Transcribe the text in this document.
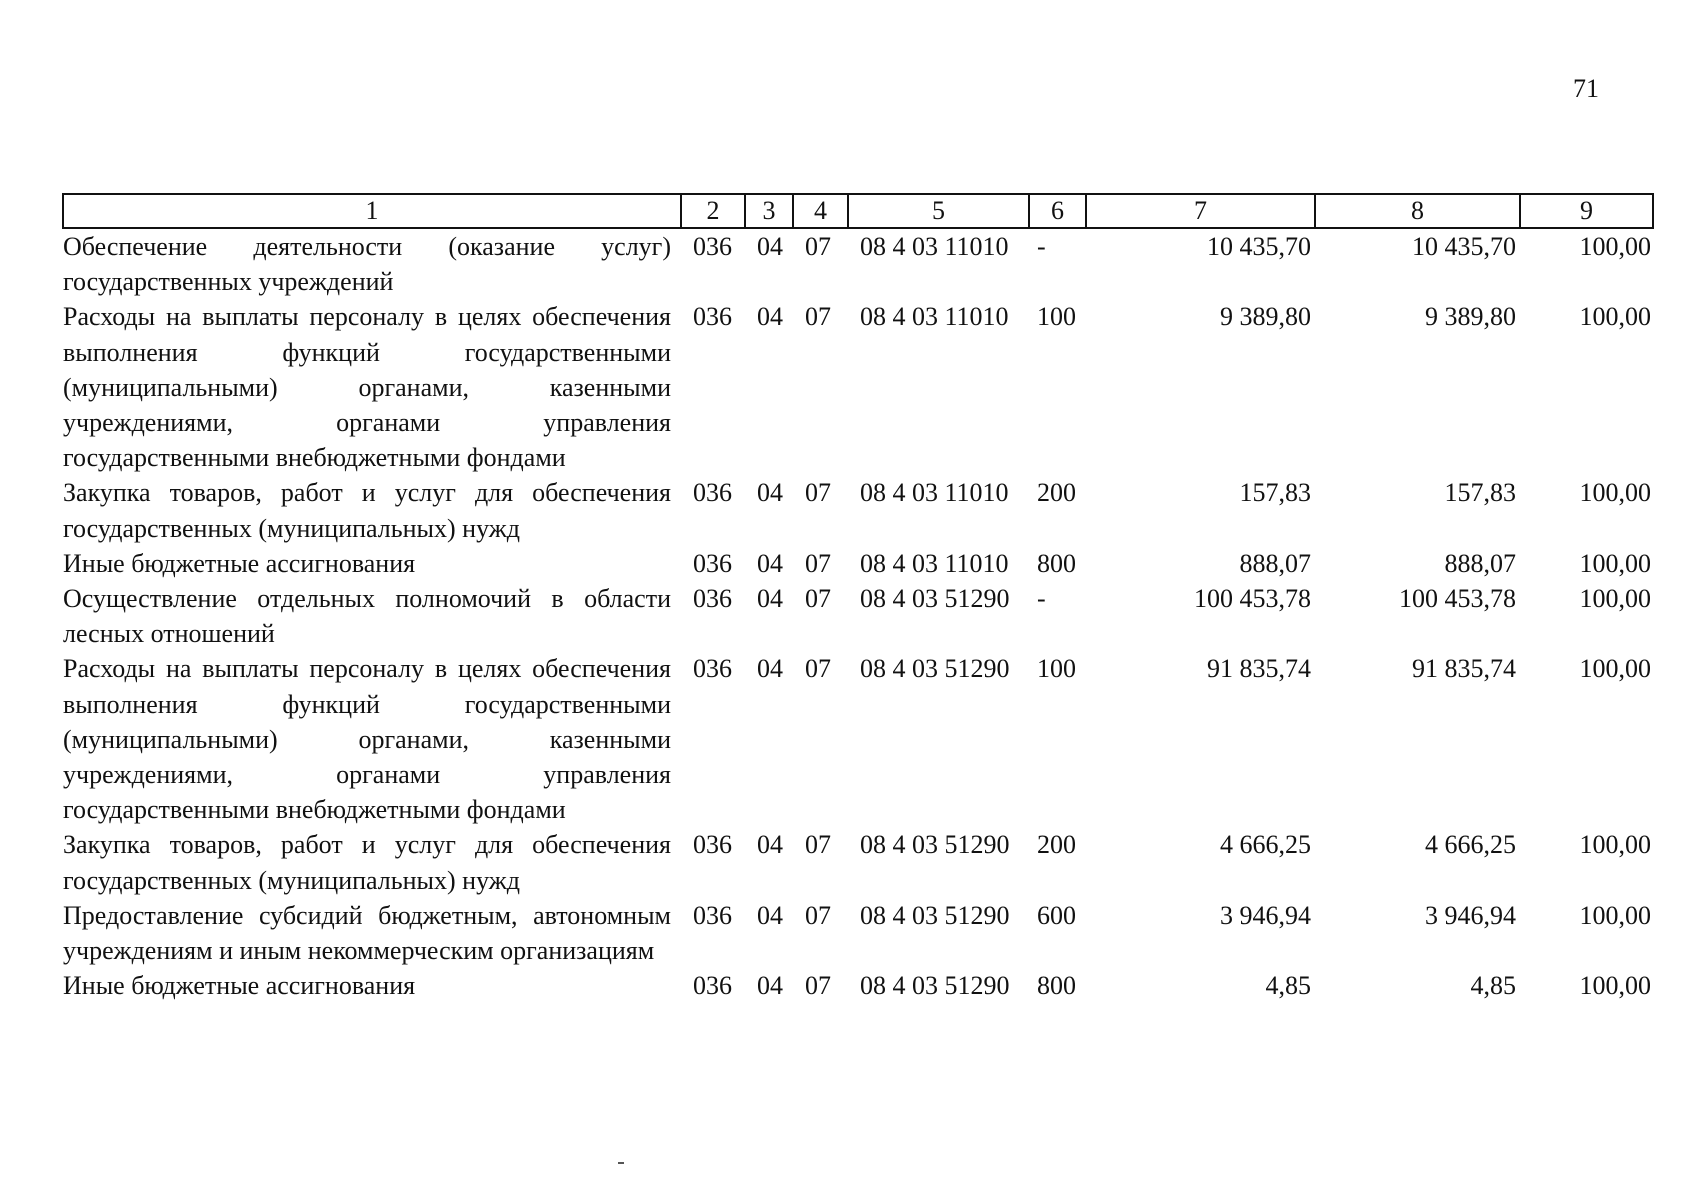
71
1	2	3	4	5	6	7	8	9
Обеспечение деятельности (оказание услуг) государственных учреждений	036	04	07	08 4 03 11010	-	10 435,70	10 435,70	100,00
Расходы на выплаты персоналу в целях обеспечения выполнения функций государственными (муниципальными) органами, казенными учреждениями, органами управления государственными внебюджетными фондами	036	04	07	08 4 03 11010	100	9 389,80	9 389,80	100,00
Закупка товаров, работ и услуг для обеспечения государственных (муниципальных) нужд	036	04	07	08 4 03 11010	200	157,83	157,83	100,00
Иные бюджетные ассигнования	036	04	07	08 4 03 11010	800	888,07	888,07	100,00
Осуществление отдельных полномочий в области лесных отношений	036	04	07	08 4 03 51290	-	100 453,78	100 453,78	100,00
Расходы на выплаты персоналу в целях обеспечения выполнения функций государственными (муниципальными) органами, казенными учреждениями, органами управления государственными внебюджетными фондами	036	04	07	08 4 03 51290	100	91 835,74	91 835,74	100,00
Закупка товаров, работ и услуг для обеспечения государственных (муниципальных) нужд	036	04	07	08 4 03 51290	200	4 666,25	4 666,25	100,00
Предоставление субсидий бюджетным, автономным учреждениям и иным некоммерческим организациям	036	04	07	08 4 03 51290	600	3 946,94	3 946,94	100,00
Иные бюджетные ассигнования	036	04	07	08 4 03 51290	800	4,85	4,85	100,00
